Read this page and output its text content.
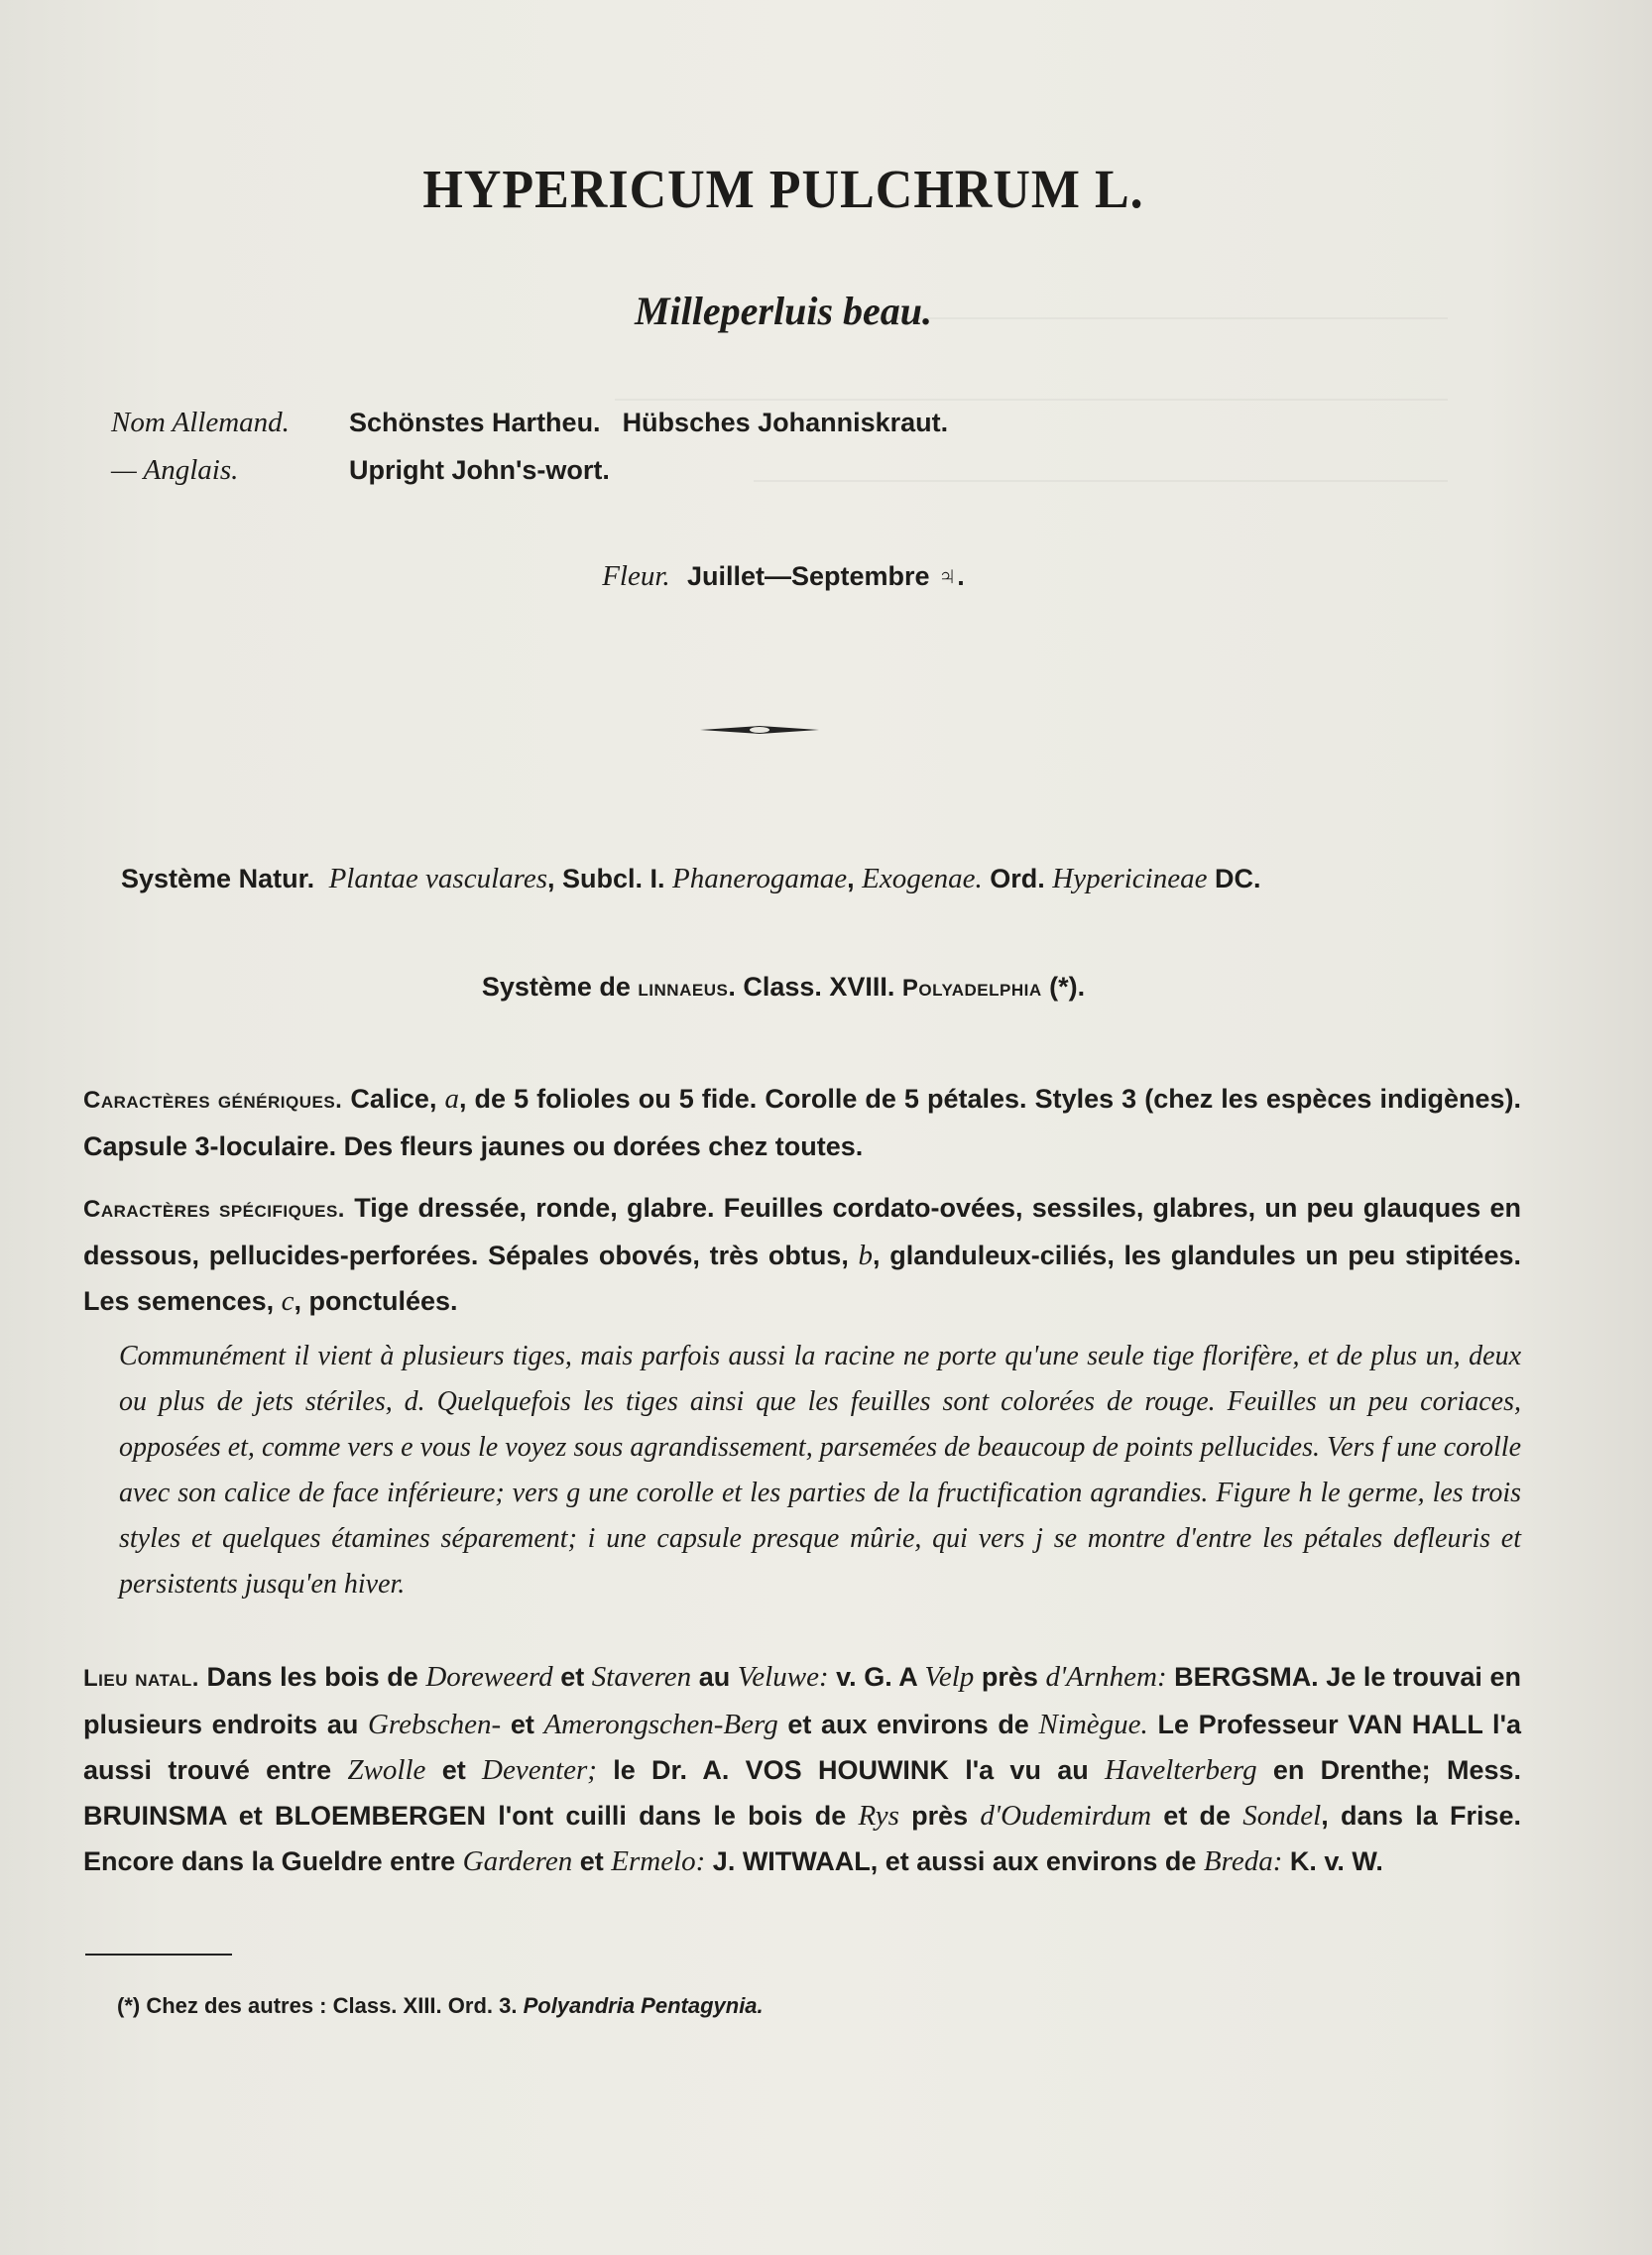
HYPERICUM PULCHRUM L.
Milleperluis beau.
Nom Allemand.	Schönstes Hartheu. Hübsches Johanniskraut.
— Anglais.	Upright John's-wort.
Fleur. Juillet—Septembre ♃.
Système Natur. Plantae vasculares, Subcl. I. Phanerogamae, Exogenae. Ord. Hypericineae DC.
Système de linnaeus. Class. XVIII. Polyadelphia (*).
Caractères génériques. Calice, a, de 5 folioles ou 5 fide. Corolle de 5 pétales. Styles 3 (chez les espèces indigènes). Capsule 3-loculaire. Des fleurs jaunes ou dorées chez toutes.
Caractères spécifiques. Tige dressée, ronde, glabre. Feuilles cordato-ovées, sessiles, glabres, un peu glauques en dessous, pellucides-perforées. Sépales obovés, très obtus, b, glanduleux-ciliés, les glandules un peu stipitées. Les semences, c, ponctulées.
Communément il vient à plusieurs tiges, mais parfois aussi la racine ne porte qu'une seule tige florifère, et de plus un, deux ou plus de jets stériles, d. Quelquefois les tiges ainsi que les feuilles sont colorées de rouge. Feuilles un peu coriaces, opposées et, comme vers e vous le voyez sous agrandissement, parsemées de beaucoup de points pellucides. Vers f une corolle avec son calice de face inférieure; vers g une corolle et les parties de la fructification agrandies. Figure h le germe, les trois styles et quelques étamines séparement; i une capsule presque mûrie, qui vers j se montre d'entre les pétales defleuris et persistents jusqu'en hiver.
Lieu natal. Dans les bois de Doreweerd et Staveren au Veluwe: v. G. A Velp près d'Arnhem: BERGSMA. Je le trouvai en plusieurs endroits au Grebschen- et Amerongschen-Berg et aux environs de Nimègue. Le Professeur VAN HALL l'a aussi trouvé entre Zwolle et Deventer; le Dr. A. VOS HOUWINK l'a vu au Havelterberg en Drenthe; Mess. BRUINSMA et BLOEMBERGEN l'ont cuilli dans le bois de Rys près d'Oudemirdum et de Sondel, dans la Frise. Encore dans la Gueldre entre Garderen et Ermelo: J. WITWAAL, et aussi aux environs de Breda: K. v. W.
(*) Chez des autres : Class. XIII. Ord. 3. Polyandria Pentagynia.
